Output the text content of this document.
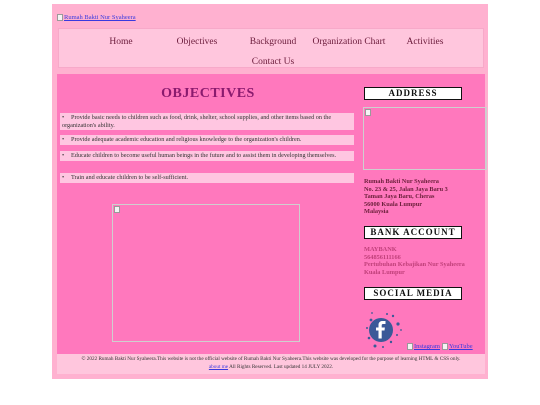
Rumah Bakti Nur Syaheera
Home	Objectives	Background Organization Chart Activities
Contact Us
OBJECTIVES
• Provide basic needs to children such as food, drink, shelter, school supplies, and other items based on the organization's ability.
• Provide adequate academic education and religious knowledge to the organization's children.
• Educate children to become useful human beings in the future and to assist them in developing themselves.
• Train and educate children to be self-sufficient.
ADDRESS
Rumah Bakti Nur Syaheera
No. 23 & 25, Jalan Jaya Baru 3
Taman Jaya Baru, Cheras
56000 Kuala Lumpur
Malaysia
BANK ACCOUNT
MAYBANK
564856111166
Pertubuhan Kebajikan Nur Syaheera
Kuala Lumpur
SOCIAL MEDIA
Instagram YouTube
© 2022 Rumah Bakti Nur Syaheera.This website is not the official website of Rumah Bakti Nur Syaheera.This website was developed for the purpose of learning HTML & CSS only.
about me All Rights Reserved. Last updated 14 JULY 2022.
